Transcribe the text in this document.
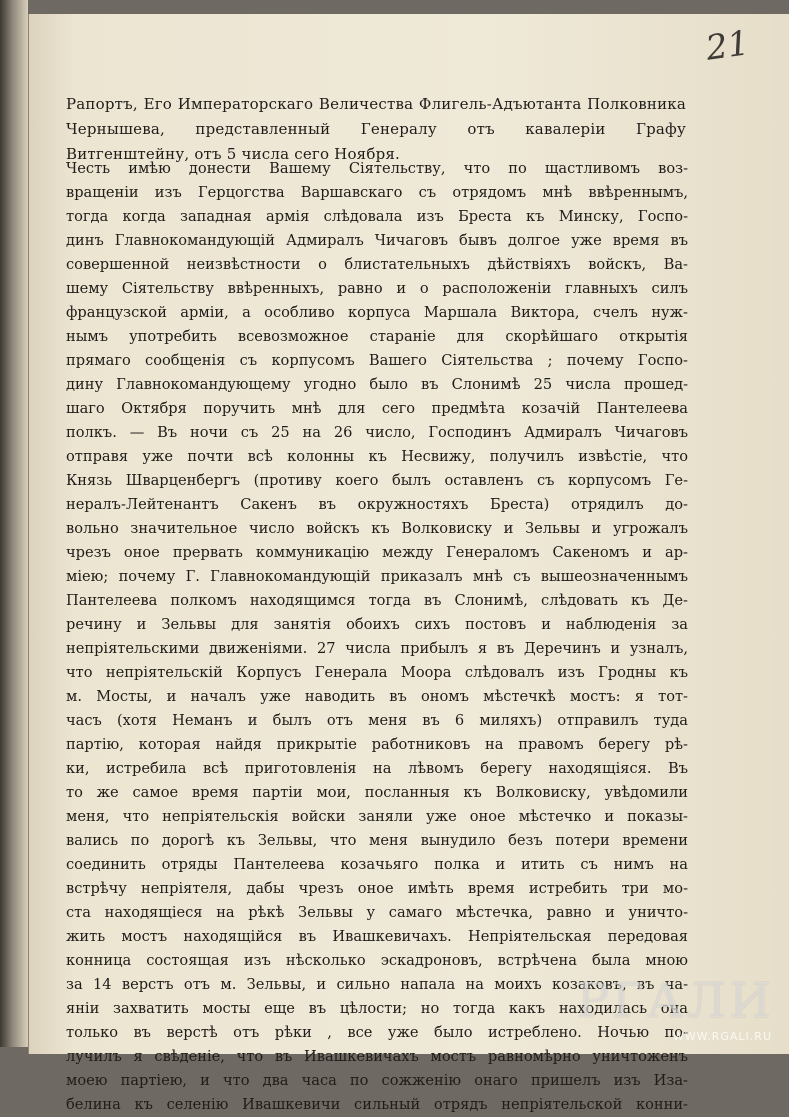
21

Рапортъ, Его Императорскаго Величества Флигель-Адъютанта Полковника Чернышева, представленный Генералу отъ кавалеріи Графу Витгенштейну, отъ 5 числа сего Ноября.

Честь имѣю донести Вашему Сіятельству, что по щастливомъ воз-
вращеніи изъ Герцогства Варшавскаго съ отрядомъ мнѣ ввѣреннымъ,
тогда когда западная армія слѣдовала изъ Бреста къ Минску, Госпо-
динъ Главнокомандующій Адмиралъ Чичаговъ бывъ долгое уже время въ
совершенной неизвѣстности о блистательныхъ дѣйствіяхъ войскъ, Ва-
шему Сіятельству ввѣренныхъ, равно и о расположеніи главныхъ силъ
французской арміи, а особливо корпуса Маршала Виктора, счелъ нуж-
нымъ употребить всевозможное стараніе для скорѣйшаго открытія
прямаго сообщенія съ корпусомъ Вашего Сіятельства ; почему Госпо-
дину Главнокомандующему угодно было въ Слонимѣ 25 числа прошед-
шаго Октября поручить мнѣ для сего предмѣта козачій Пантелеева
полкъ. — Въ ночи съ 25 на 26 число, Господинъ Адмиралъ Чичаговъ
отправя уже почти всѣ колонны къ Несвижу, получилъ извѣстіе, что
Князь Шварценбергъ (противу коего былъ оставленъ съ корпусомъ Ге-
нералъ-Лейтенантъ Сакенъ въ окружностяхъ Бреста) отрядилъ до-
вольно значительное число войскъ къ Волковиску и Зельвы и угрожалъ
чрезъ оное прервать коммуникацію между Генераломъ Сакеномъ и ар-
міею; почему Г. Главнокомандующій приказалъ мнѣ съ вышеозначеннымъ
Пантелеева полкомъ находящимся тогда въ Слонимѣ, слѣдовать къ Де-
речину и Зельвы для занятія обоихъ сихъ постовъ и наблюденія за
непріятельскими движеніями. 27 числа прибылъ я въ Деречинъ и узналъ,
что непріятельскій Корпусъ Генерала Моора слѣдовалъ изъ Гродны къ
м. Мосты, и началъ уже наводить въ ономъ мѣстечкѣ мостъ: я тот-
часъ (хотя Неманъ и былъ отъ меня въ 6 миляхъ) отправилъ туда
партію, которая найдя прикрытіе работниковъ на правомъ берегу рѣ-
ки, истребила всѣ приготовленія на лѣвомъ берегу находящіяся. Въ
то же самое время партіи мои, посланныя къ Волковиску, увѣдомили
меня, что непріятельскія войски заняли уже оное мѣстечко и показы-
вались по дорогѣ къ Зельвы, что меня вынудило безъ потери времени
соединить отряды Пантелеева козачьяго полка и итить съ нимъ на
встрѣчу непріятеля, дабы чрезъ оное имѣть время истребить три мо-
ста находящіеся на рѣкѣ Зельвы у самаго мѣстечка, равно и уничто-
жить мостъ находящійся въ Ивашкевичахъ. Непріятельская передовая
конница состоящая изъ нѣсколько эскадроновъ, встрѣчена была мною
за 14 верстъ отъ м. Зельвы, и сильно напала на моихъ козаковъ, въ ча-
яніи захватить мосты еще въ цѣлости; но тогда какъ находилась она
только въ верстѣ отъ рѣки , все уже было истреблено. Ночью по-
лучилъ я свѣденіе, что въ Ивашкевичахъ мостъ равномѣрно уничтоженъ
моею партіею, и что два часа по сожженію онаго пришелъ изъ Иза-
белина къ селенію Ивашкевичи сильный отрядъ непріятельской конни-
РГАЛИ
WWW.RGALI.RU
